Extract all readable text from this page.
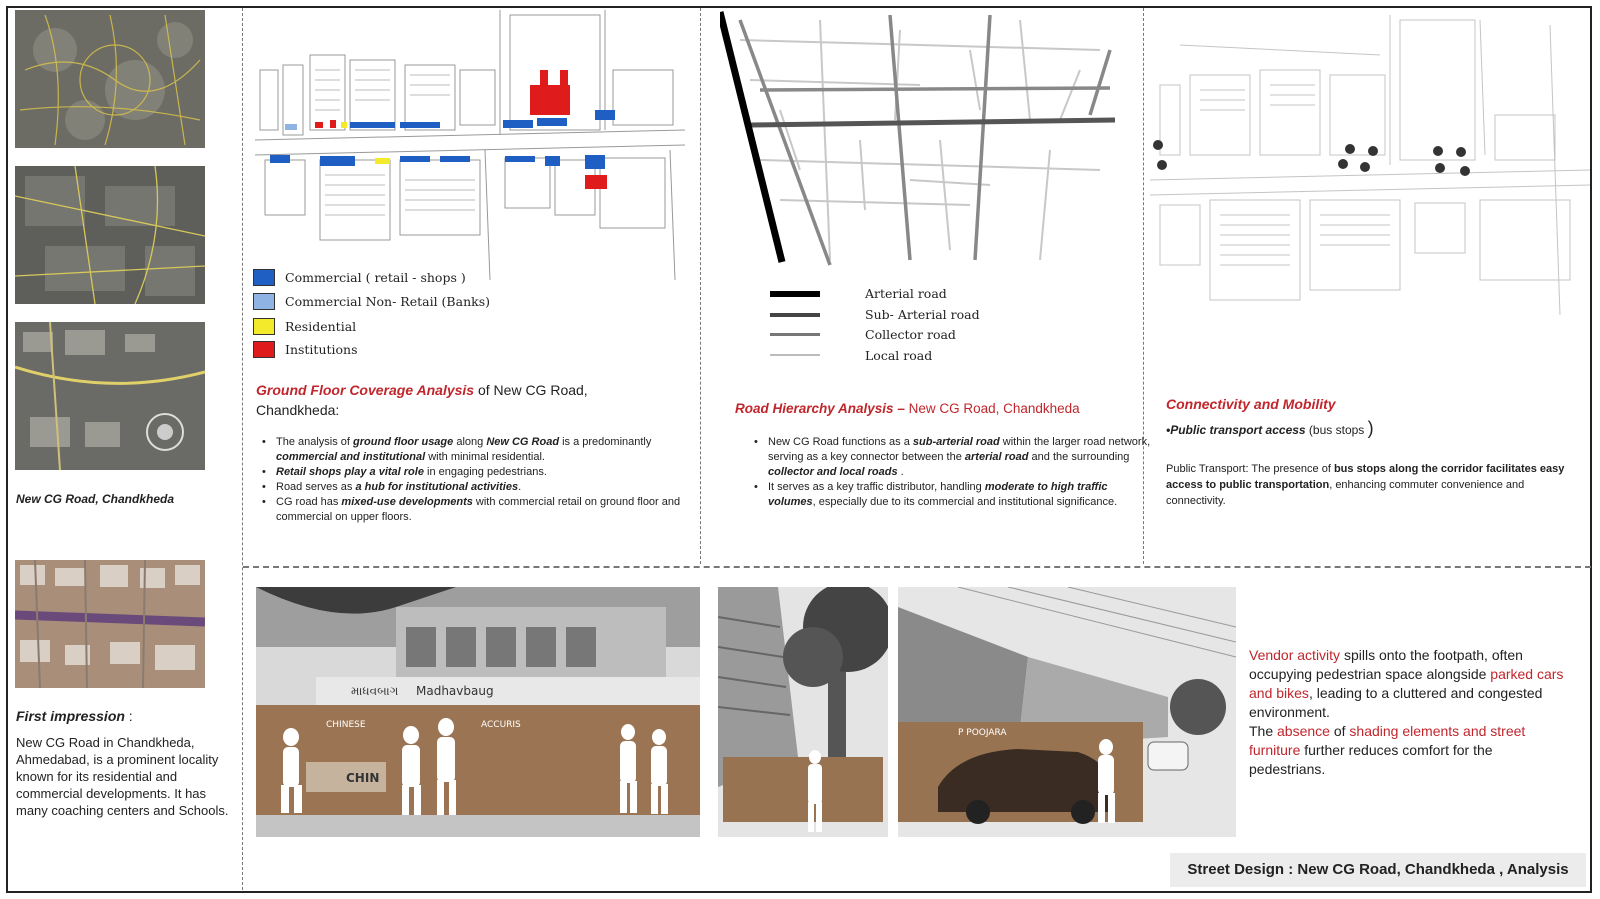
New CG Road, Chandkheda
First impression :
New CG Road in Chandkheda, Ahmedabad, is a prominent locality known for its residential and commercial developments. It has many coaching centers and Schools.
Commercial ( retail - shops )
Commercial Non- Retail (Banks)
Residential
Institutions
Ground Floor Coverage Analysis of New CG Road, Chandkheda:
• The analysis of ground floor usage along New CG Road is a predominantly commercial and institutional with minimal residential.
• Retail shops play a vital role in engaging pedestrians.
• Road serves as a hub for institutional activities.
• CG road has mixed-use developments with commercial retail on ground floor and commercial on upper floors.
Arterial road
Sub- Arterial road
Collector road
Local road
Road Hierarchy Analysis – New CG Road, Chandkheda
• New CG Road functions as a sub-arterial road within the larger road network, serving as a key connector between the arterial road and the surrounding collector and local roads .
• It serves as a key traffic distributor, handling moderate to high traffic volumes, especially due to its commercial and institutional significance.
Connectivity and Mobility
•Public transport access (bus stops )
Public Transport: The presence of bus stops along the corridor facilitates easy access to public transportation, enhancing commuter convenience and connectivity.
માધવબાગ Madhavbaug
ACCURIS
CHINESE
CHIN
P POOJARA
Vendor activity spills onto the footpath, often occupying pedestrian space alongside parked cars and bikes, leading to a cluttered and congested environment.
The absence of shading elements and street furniture further reduces comfort for the pedestrians.
Street Design : New CG Road, Chandkheda , Analysis
